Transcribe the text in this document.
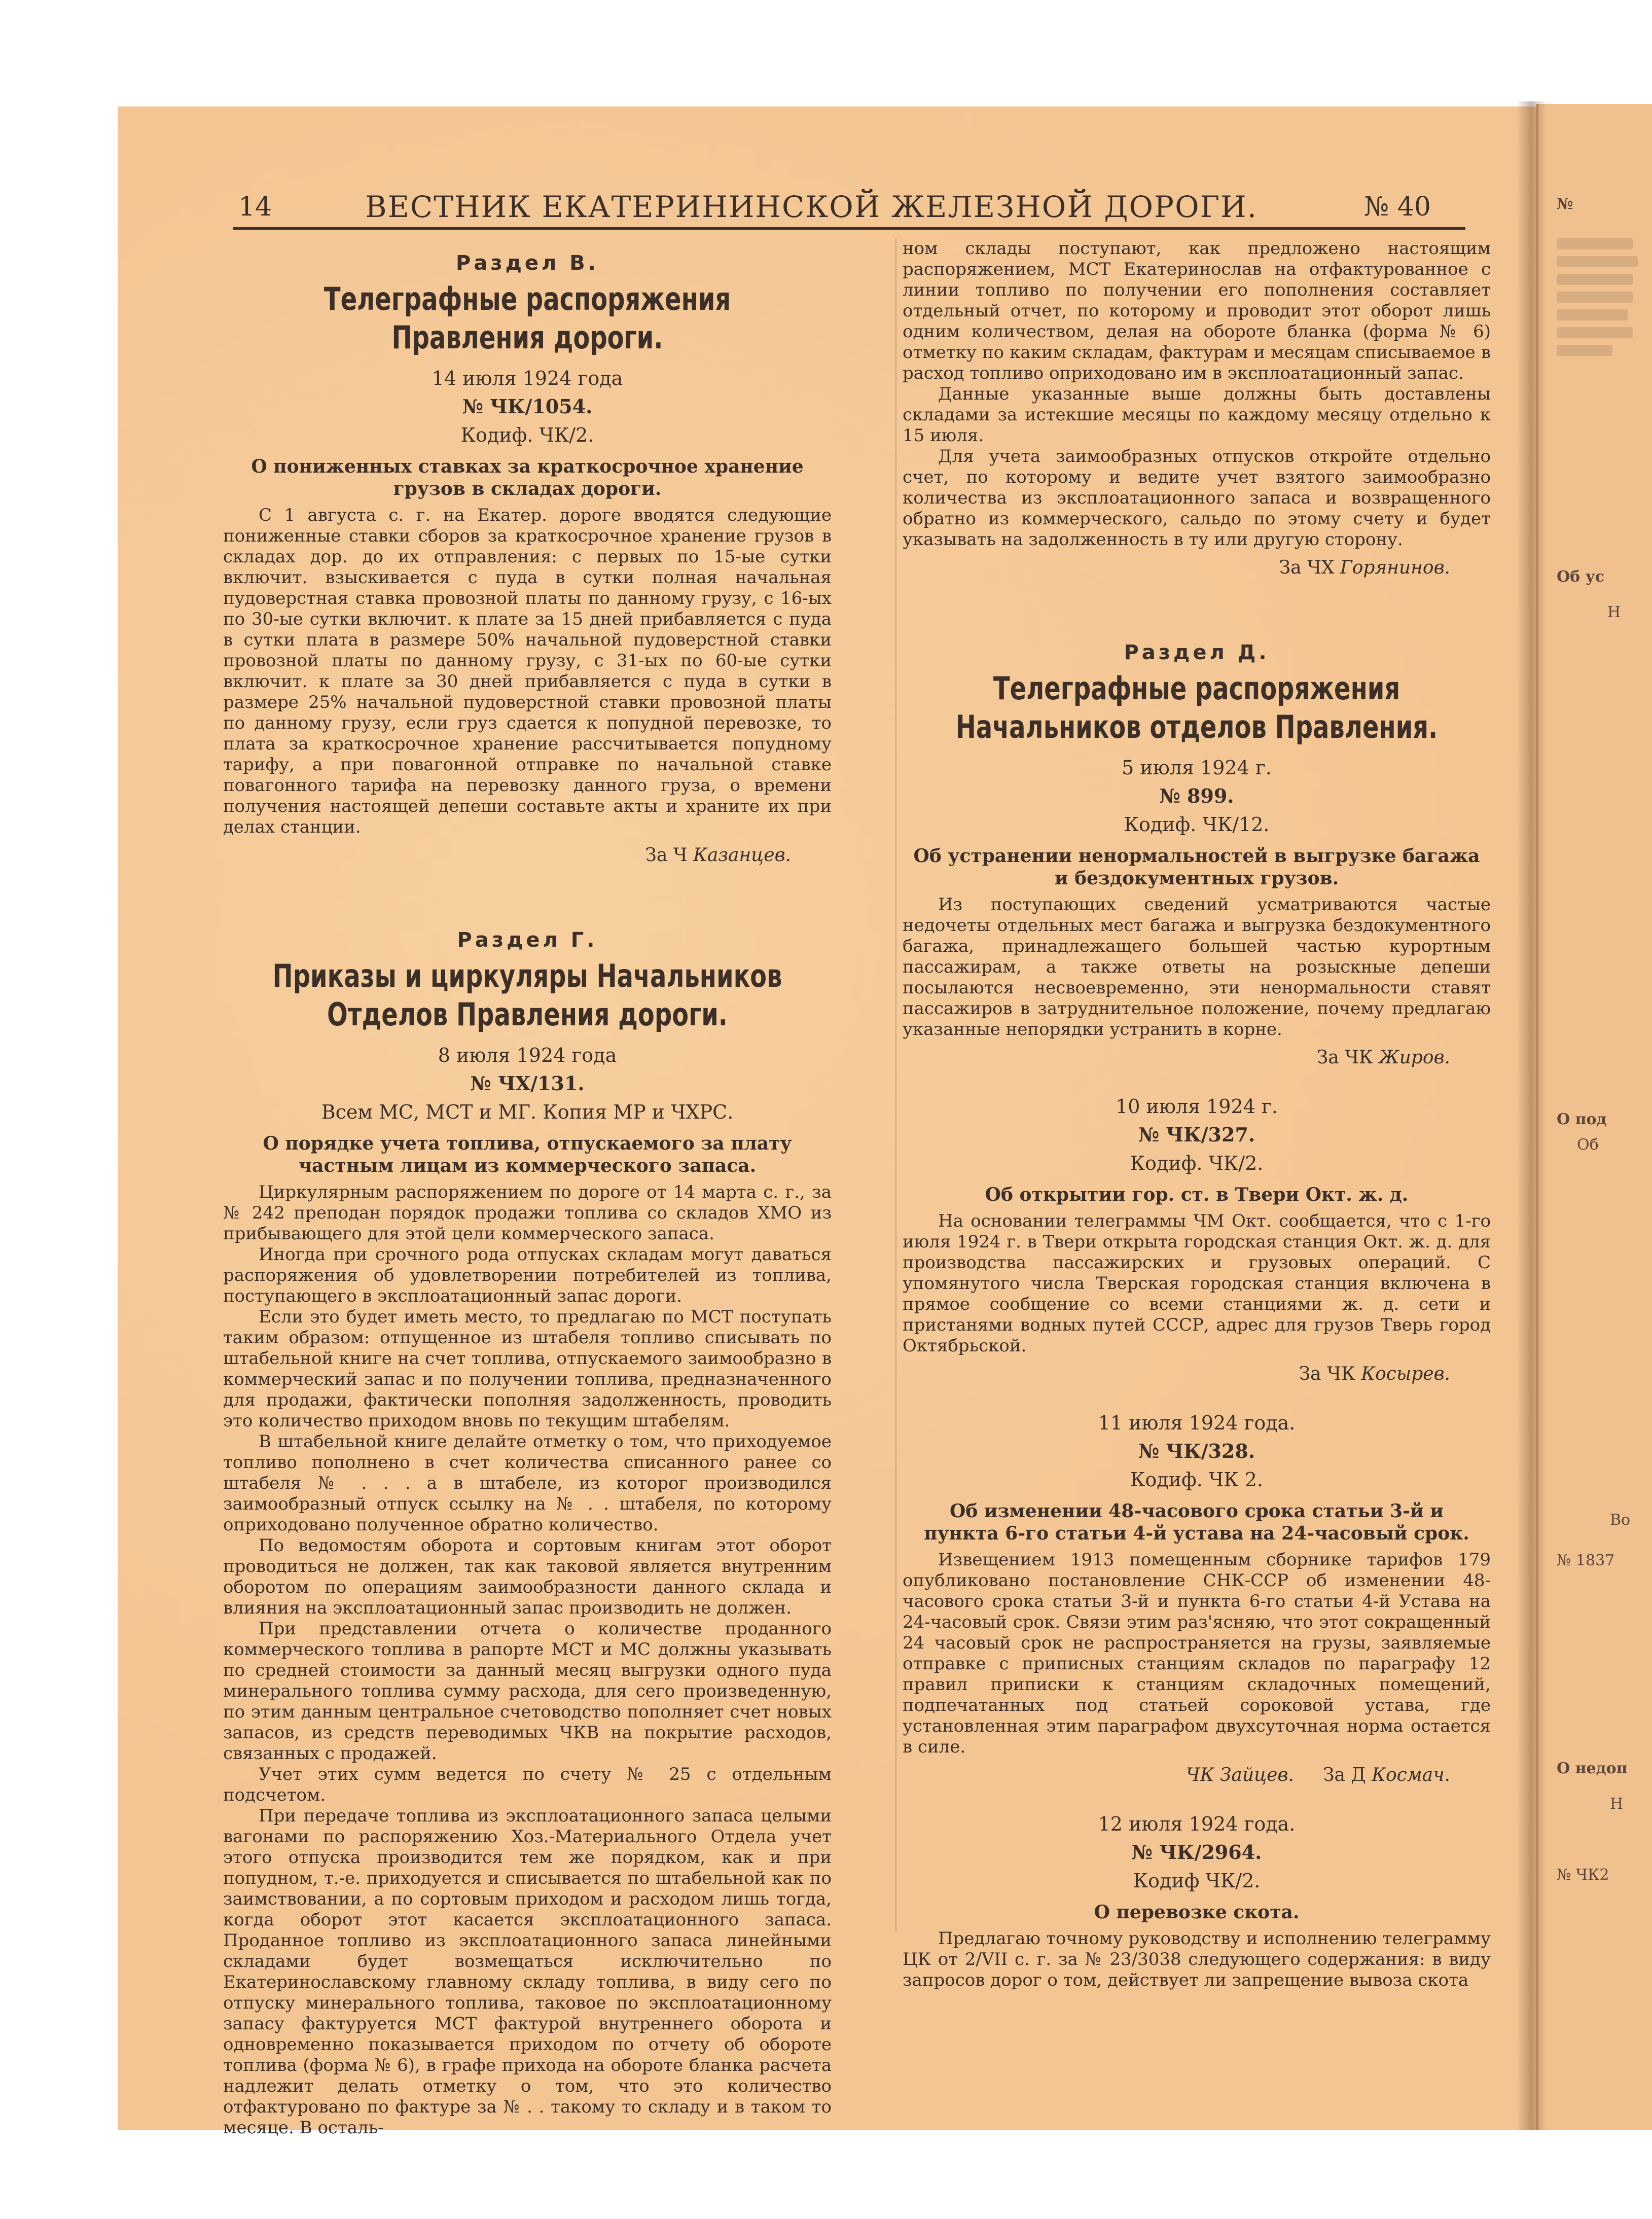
14	ВЕСТНИК ЕКАТЕРИНИНСКОЙ ЖЕЛЕЗНОЙ ДОРОГИ.	№ 40
Раздел В.
Телеграфные распоряжения Правления дороги.
14 июля 1924 года
№ ЧК/1054.
Кодиф. ЧК/2.
О пониженных ставках за краткосрочное хранение грузов в складах дороги.

С 1 августа с. г. на Екатер. дороге вводятся следующие пониженные ставки сборов за краткосрочное хранение грузов в складах дор. до их отправления: с первых по 15-ые сутки включит. взыскивается с пуда в сутки полная начальная пудоверстная ставка провозной платы по данному грузу, с 16-ых по 30-ые сутки включит. к плате за 15 дней прибавляется с пуда в сутки плата в размере 50% начальной пудоверстной ставки провозной платы по данному грузу, с 31-ых по 60-ые сутки включит. к плате за 30 дней прибавляется с пуда в сутки в размере 25% начальной пудоверстной ставки провозной платы по данному грузу, если груз сдается к попудной перевозке, то плата за краткосрочное хранение рассчитывается попудному тарифу, а при повагонной отправке по начальной ставке повагонного тарифа на перевозку данного груза, о времени получения настоящей депеши составьте акты и храните их при делах станции.

За Ч Казанцев.
Раздел Г.
Приказы и циркуляры Начальников Отделов Правления дороги.
8 июля 1924 года
№ ЧХ/131.
Всем МС, МСТ и МГ. Копия МР и ЧХРС.
О порядке учета топлива, отпускаемого за плату частным лицам из коммерческого запаса.

Циркулярным распоряжением по дороге от 14 марта с. г., за № 242 преподан порядок продажи топлива со складов ХМО из прибывающего для этой цели коммерческого запаса.

Иногда при срочного рода отпусках складам могут даваться распоряжения об удовлетворении потребителей из топлива, поступающего в эксплоатационный запас дороги.

Если это будет иметь место, то предлагаю по МСТ поступать таким образом: отпущенное из штабеля топливо списывать по штабельной книге на счет топлива, отпускаемого заимообразно в коммерческий запас и по получении топлива, предназначенного для продажи, фактически пополняя задолженность, проводить это количество приходом вновь по текущим штабелям.

В штабельной книге делайте отметку о том, что приходуемое топливо пополнено в счет количества списанного ранее со штабеля № . . . а в штабеле, из которог производился заимообразный отпуск ссылку на № . . штабеля, по которому оприходовано полученное обратно количество.

По ведомостям оборота и сортовым книгам этот оборот проводиться не должен, так как таковой является внутренним оборотом по операциям заимообразности данного склада и влияния на эксплоатационный запас производить не должен.

При представлении отчета о количестве проданного коммерческого топлива в рапорте МСТ и МС должны указывать по средней стоимости за данный месяц выгрузки одного пуда минерального топлива сумму расхода, для сего произведенную, по этим данным центральное счетоводство пополняет счет новых запасов, из средств переводимых ЧКВ на покрытие расходов, связанных с продажей.

Учет этих сумм ведется по счету № 25 с отдельным подсчетом.

При передаче топлива из эксплоатационного запаса целыми вагонами по распоряжению Хоз.-Материального Отдела учет этого отпуска производится тем же порядком, как и при попудном, т.-е. приходуется и списывается по штабельной как по заимствовании, а по сортовым приходом и расходом лишь тогда, когда оборот этот касается эксплоатационного запаса. Проданное топливо из эксплоатационного запаса линейными складами будет возмещаться исключительно по Екатеринославскому главному складу топлива, в виду сего по отпуску минерального топлива, таковое по эксплоатационному запасу фактуруется МСТ фактурой внутреннего оборота и одновременно показывается приходом по отчету об обороте топлива (форма № 6), в графе прихода на обороте бланка расчета надлежит делать отметку о том, что это количество отфактуровано по фактуре за № . . такому то складу и в таком то месяце. В осталь-

ном склады поступают, как предложено настоящим распоряжением, МСТ Екатеринослав на отфактурованное с линии топливо по получении его пополнения составляет отдельный отчет, по которому и проводит этот оборот лишь одним количеством, делая на обороте бланка (форма № 6) отметку по каким складам, фактурам и месяцам списываемое в расход топливо оприходовано им в эксплоатационный запас.

Данные указанные выше должны быть доставлены складами за истекшие месяцы по каждому месяцу отдельно к 15 июля.

Для учета заимообразных отпусков откройте отдельно счет, по которому и ведите учет взятого заимообразно количества из эксплоатационного запаса и возвращенного обратно из коммерческого, сальдо по этому счету и будет указывать на задолженность в ту или другую сторону.

За ЧХ Горянинов.
Раздел Д.
Телеграфные распоряжения Начальников отделов Правления.
5 июля 1924 г.
№ 899.
Кодиф. ЧК/12.
Об устранении ненормальностей в выгрузке багажа и бездокументных грузов.

Из поступающих сведений усматриваются частые недочеты отдельных мест багажа и выгрузка бездокументного багажа, принадлежащего большей частью курортным пассажирам, а также ответы на розыскные депеши посылаются несвоевременно, эти ненормальности ставят пассажиров в затруднительное положение, почему предлагаю указанные непорядки устранить в корне.

За ЧК Жиров.
10 июля 1924 г.
№ ЧК/327.
Кодиф. ЧК/2.
Об открытии гор. ст. в Твери Окт. ж. д.

На основании телеграммы ЧМ Окт. сообщается, что с 1-го июля 1924 г. в Твери открыта городская станция Окт. ж. д. для производства пассажирских и грузовых операций. С упомянутого числа Тверская городская станция включена в прямое сообщение со всеми станциями ж. д. сети и пристанями водных путей СССР, адрес для грузов Тверь город Октябрьской.

За ЧК Косырев.
11 июля 1924 года.
№ ЧК/328.
Кодиф. ЧК 2.
Об изменении 48-часового срока статьи 3-й и пункта 6-го статьи 4-й устава на 24-часовый срок.

Извещением 1913 помещенным сборнике тарифов 179 опубликовано постановление СНК-ССР об изменении 48-часового срока статьи 3-й и пункта 6-го статьи 4-й Устава на 24-часовый срок. Связи этим раз'ясняю, что этот сокращенный 24 часовый срок не распространяется на грузы, заявляемые отправке с припиcных станциям складов по параграфу 12 правил приписки к станциям складочных помещений, подпечатанных под статьей сороковой устава, где установленная этим параграфом двухсуточная норма остается в силе.

ЧК Зайцев. За Д Космач.
12 июля 1924 года.
№ ЧК/2964.
Кодиф ЧК/2.
О перевозке скота.

Предлагаю точному руководству и исполнению телеграмму ЦК от 2/VII с. г. за № 23/3038 следующего содержания: в виду запросов дорог о том, действует ли запрещение вывоза скота

№
Об ус
Н
О под
Об
Во
№ 1837
О недоп
Н
№ ЧК2
